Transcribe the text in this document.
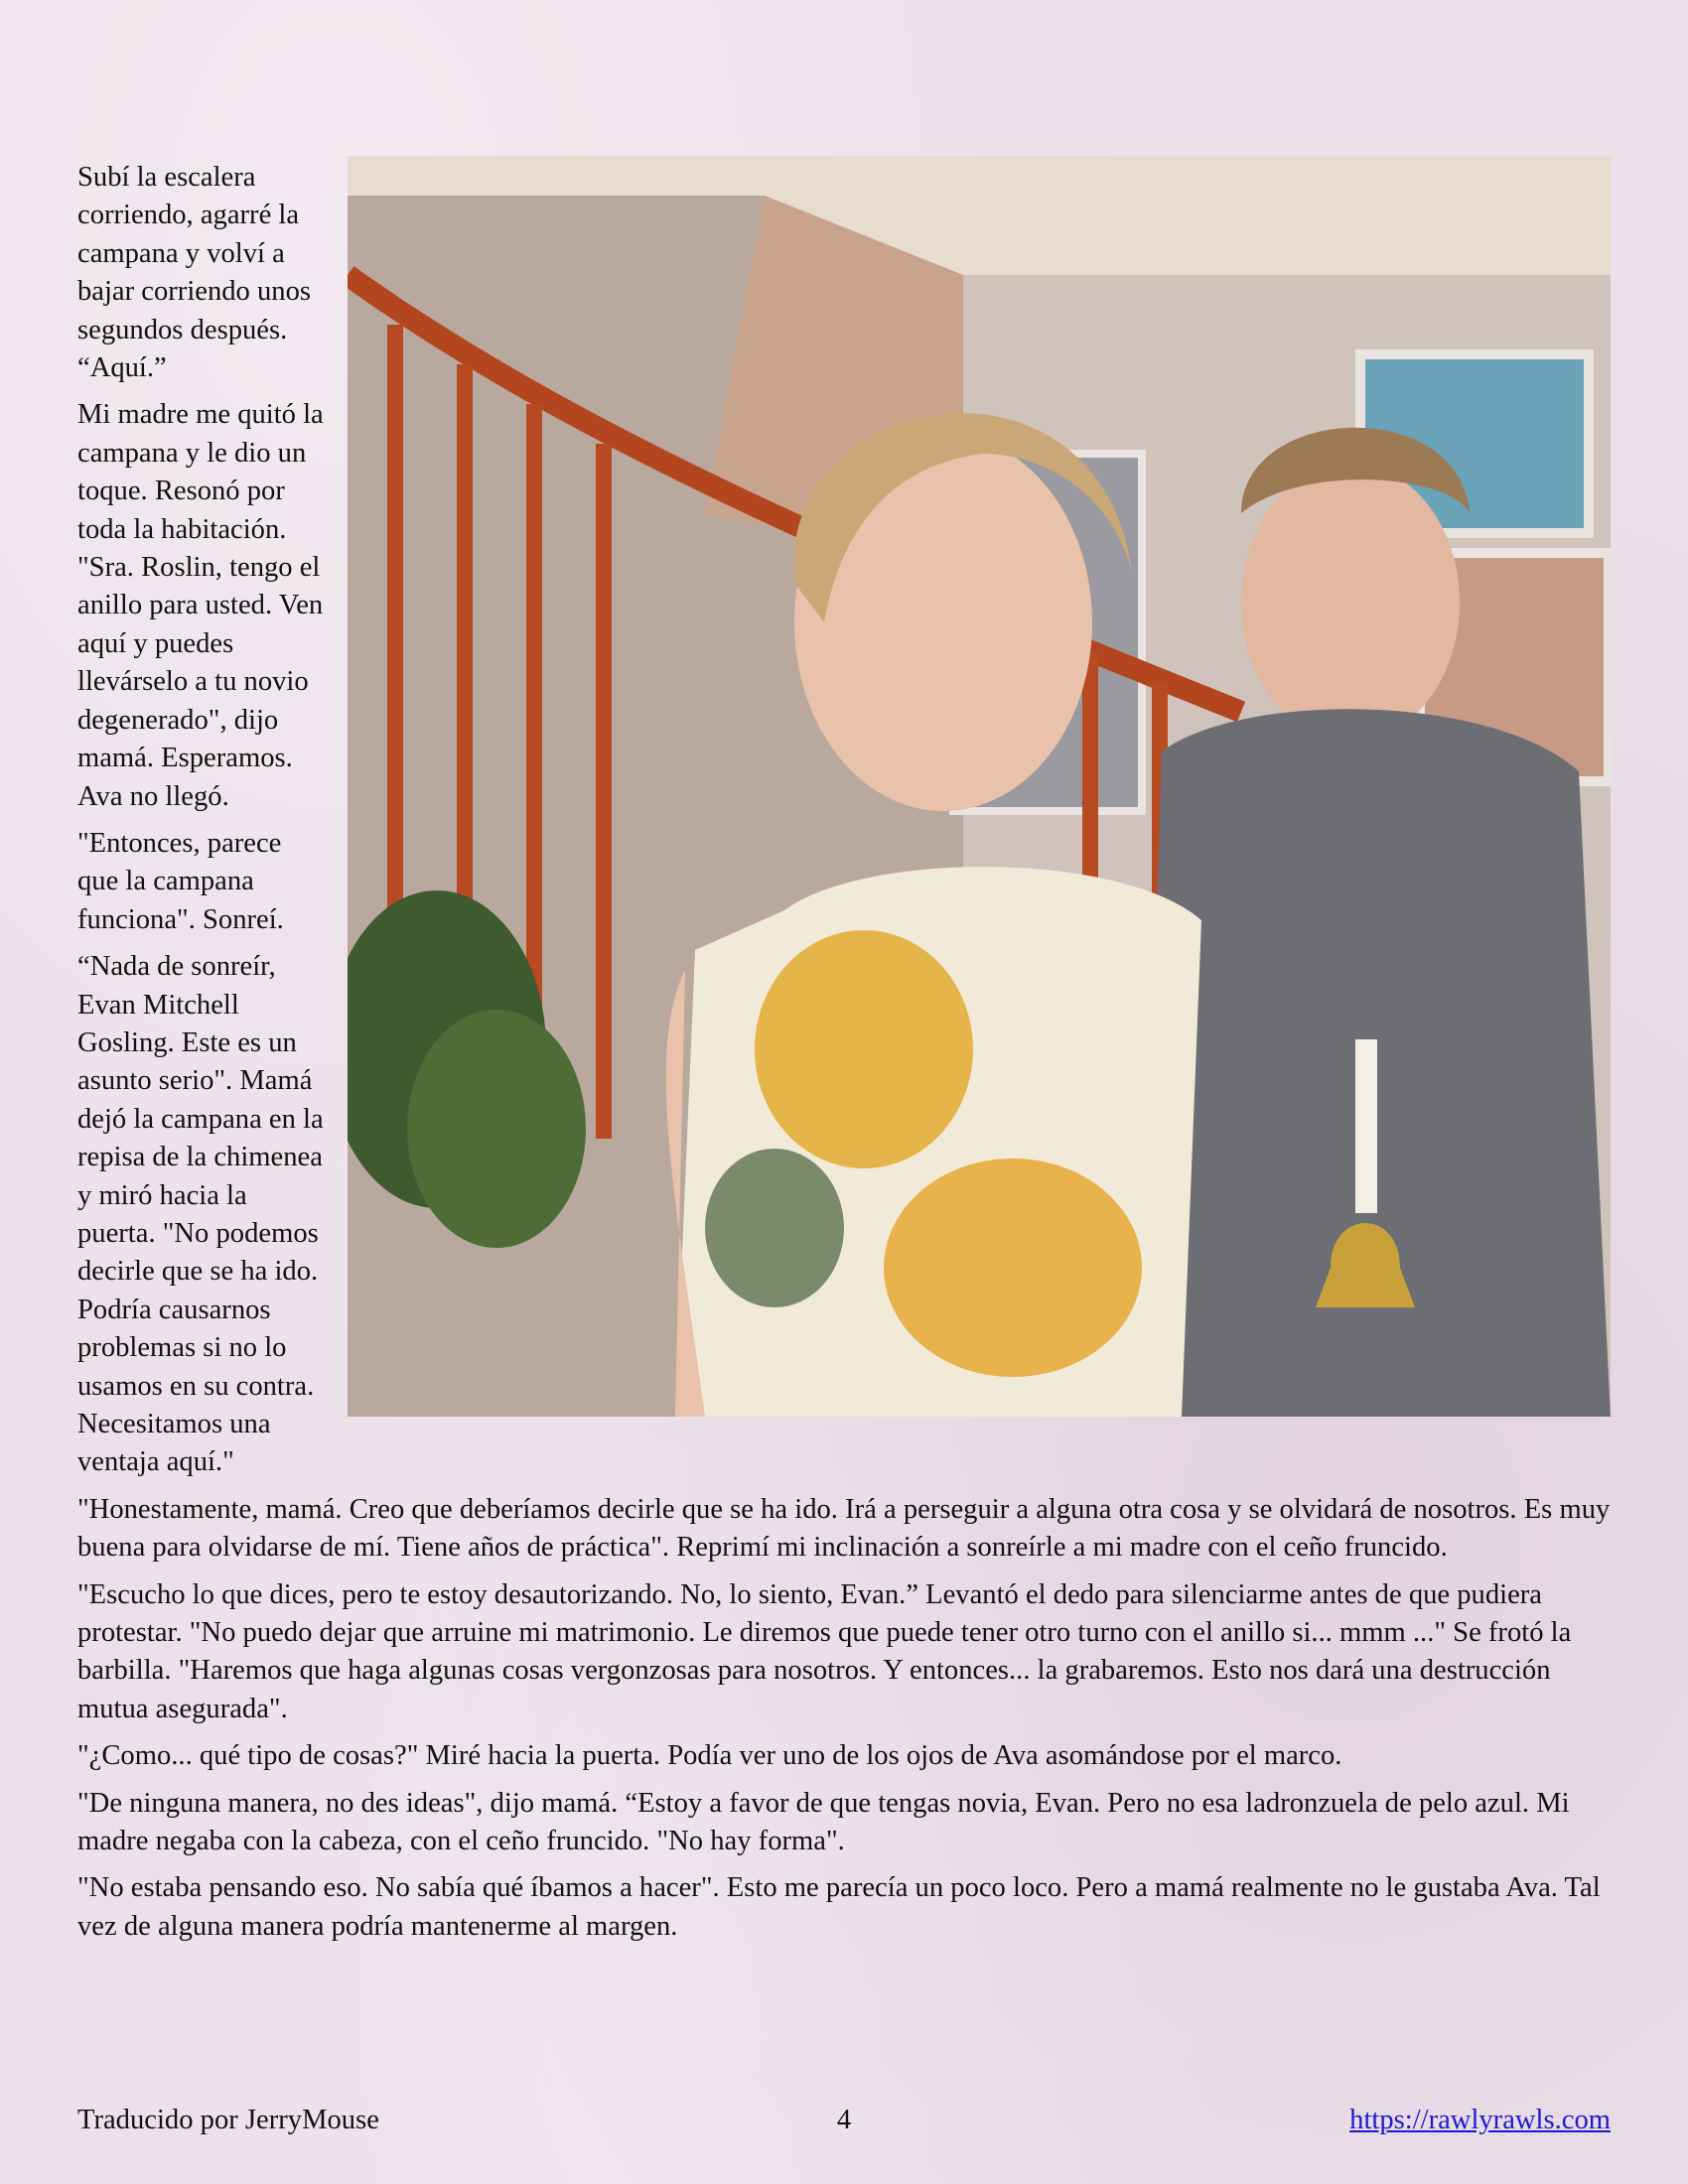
Subí la escalera corriendo, agarré la campana y volví a bajar corriendo unos segundos después. “Aquí.”

Mi madre me quitó la campana y le dio un toque. Resonó por toda la habitación. "Sra. Roslin, tengo el anillo para usted. Ven aquí y puedes llevárselo a tu novio degenerado", dijo mamá. Esperamos. Ava no llegó.

"Entonces, parece que la campana funciona". Sonreí.

“Nada de sonreír, Evan Mitchell Gosling. Este es un asunto serio". Mamá dejó la campana en la repisa de la chimenea y miró hacia la puerta. "No podemos decirle que se ha ido. Podría causarnos problemas si no lo usamos en su contra. Necesitamos una ventaja aquí."

"Honestamente, mamá. Creo que deberíamos decirle que se ha ido. Irá a perseguir a alguna otra cosa y se olvidará de nosotros. Es muy buena para olvidarse de mí. Tiene años de práctica". Reprimí mi inclinación a sonreírle a mi madre con el ceño fruncido.

"Escucho lo que dices, pero te estoy desautorizando. No, lo siento, Evan.” Levantó el dedo para silenciarme antes de que pudiera protestar. "No puedo dejar que arruine mi matrimonio. Le diremos que puede tener otro turno con el anillo si... mmm ..." Se frotó la barbilla. "Haremos que haga algunas cosas vergonzosas para nosotros. Y entonces... la grabaremos. Esto nos dará una destrucción mutua asegurada".

"¿Como... qué tipo de cosas?" Miré hacia la puerta. Podía ver uno de los ojos de Ava asomándose por el marco.

"De ninguna manera, no des ideas", dijo mamá. “Estoy a favor de que tengas novia, Evan. Pero no esa ladronzuela de pelo azul. Mi madre negaba con la cabeza, con el ceño fruncido. "No hay forma".

"No estaba pensando eso. No sabía qué íbamos a hacer". Esto me parecía un poco loco. Pero a mamá realmente no le gustaba Ava. Tal vez de alguna manera podría mantenerme al margen.

Traducido por JerryMouse	4	https://rawlyrawls.com
